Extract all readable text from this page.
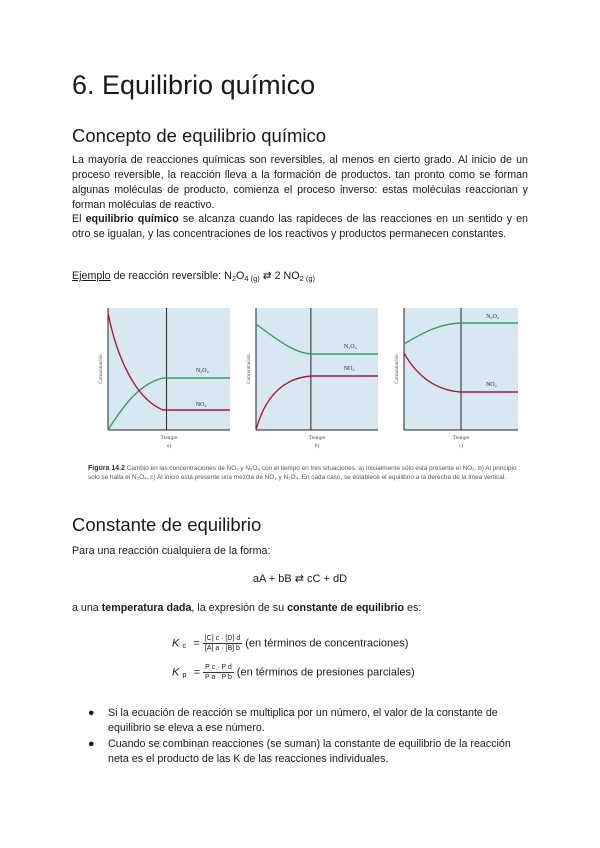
6. Equilibrio químico
Concepto de equilibrio químico

La mayoría de reacciones químicas son reversibles, al menos en cierto grado. Al inicio de un proceso reversible, la reacción lleva a la formación de productos. tan pronto como se forman algunas moléculas de producto, comienza el proceso inverso: estas moléculas reaccionan y forman moléculas de reactivo.

El equilibrio químico se alcanza cuando las rapideces de las reacciones en un sentido y en otro se igualan, y las concentraciones de los reactivos y productos permanecen constantes.

Ejemplo de reacción reversible: $N_2O_{4 (g)}$ ⇄ 2 $NO_{2 (g)}$

N₂O₄
NO₂
Concentración
Tiempo
a)
N₂O₄
NO₂
Concentración
Tiempo
b)
N₂O₄
NO₂
Concentración
Tiempo
c)
Figura 14.2 Cambio en las concentraciones de NO₂ y N₂O₄ con el tiempo en tres situaciones. a) Inicialmente sólo está presente el NO₂. b) Al principio sólo se halla el N₂O₄. c) Al inicio está presente una mezcla de NO₂ y N₂O₄. En cada caso, se establece el equilibrio a la derecha de la línea vertical.
Constante de equilibrio

Para una reacción cualquiera de la forma:

aA + bB ⇄ cC + dD

a una temperatura dada, la expresión de su constante de equilibrio es:

K $_c = \frac{[C] c \cdot [D] d}{[A] a \cdot [B] b} (en$ términos de concentraciones)
K $_p = \frac{\text{P c · P d}}{\text{P a · P b}} (en$ términos de presiones parciales)
● Si la ecuación de reacción se multiplica por un número, el valor de la constante de equilibrio se eleva a ese número.
● Cuando se combinan reacciones (se suman) la constante de equilibrio de la reacción neta es el producto de las K de las reacciones individuales.
